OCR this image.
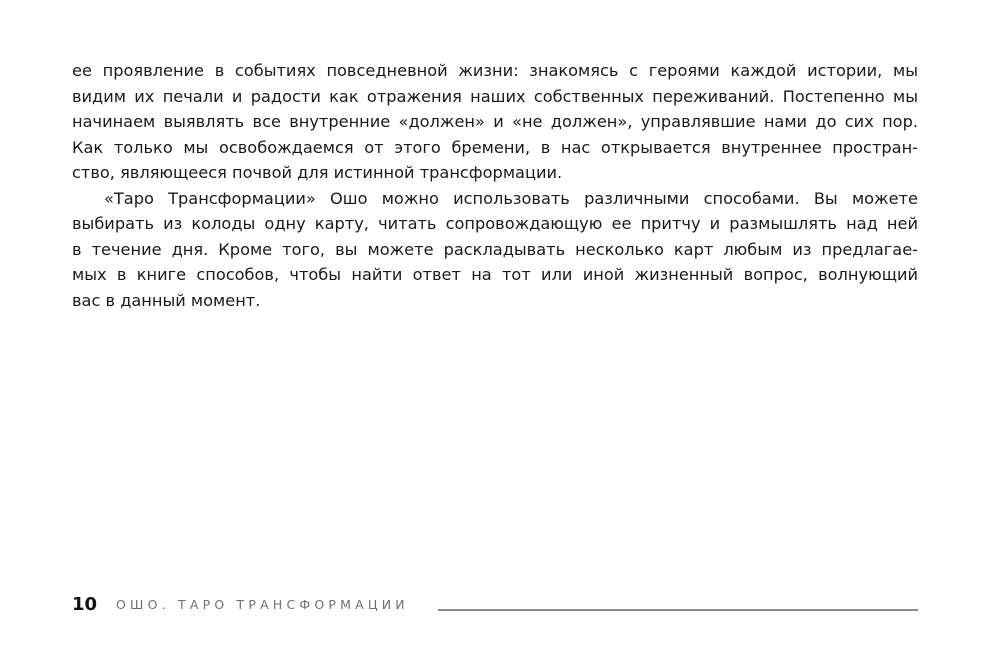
ее проявление в событиях повседневной жизни: знакомясь с героями каждой истории, мы
видим их печали и радости как отражения наших собственных переживаний. Постепенно мы
начинаем выявлять все внутренние «должен» и «не должен», управлявшие нами до сих пор.
Как только мы освобождаемся от этого бремени, в нас открывается внутреннее простран-
ство, являющееся почвой для истинной трансформации.
«Таро Трансформации» Ошо можно использовать различными способами. Вы можете
выбирать из колоды одну карту, читать сопровождающую ее притчу и размышлять над ней
в течение дня. Кроме того, вы можете раскладывать несколько карт любым из предлагае-
мых в книге способов, чтобы найти ответ на тот или иной жизненный вопрос, волнующий
вас в данный момент.
10 ОШО. ТАРО ТРАНСФОРМАЦИИ
